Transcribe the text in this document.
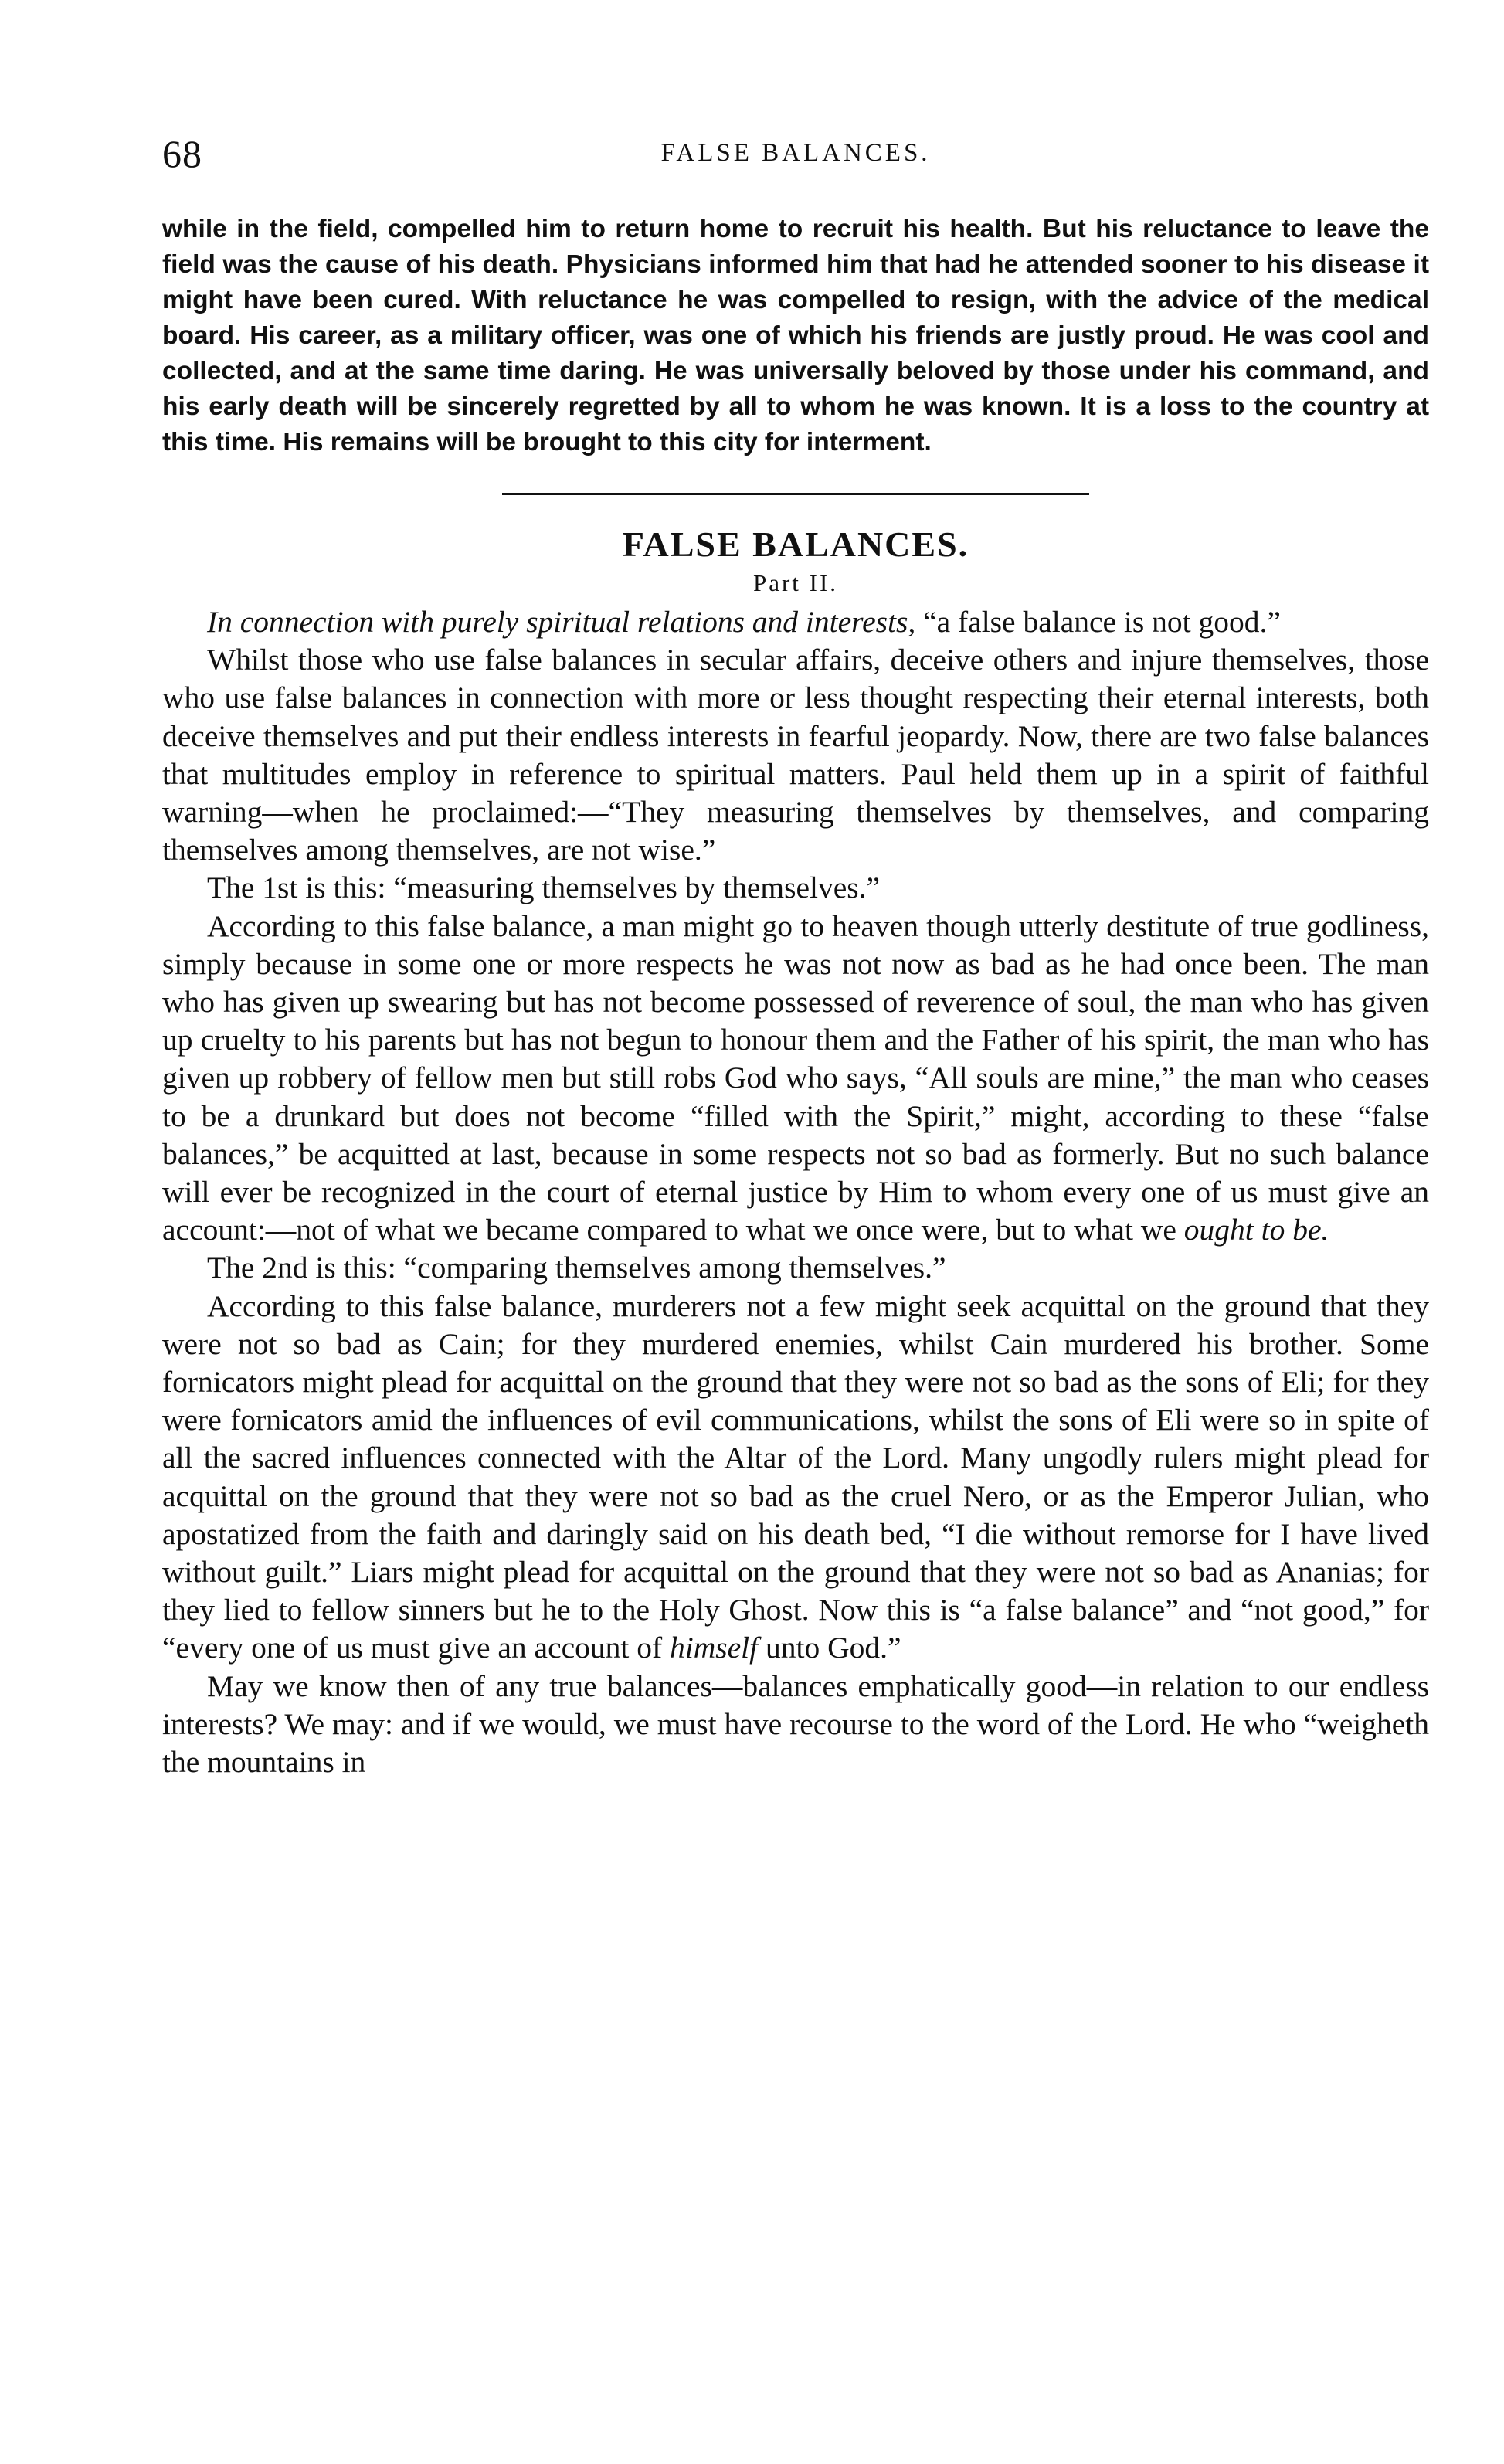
68	FALSE BALANCES.

while in the field, compelled him to return home to recruit his health. But his reluctance to leave the field was the cause of his death. Physicians informed him that had he attended sooner to his disease it might have been cured. With reluctance he was compelled to resign, with the advice of the medical board. His career, as a military officer, was one of which his friends are justly proud. He was cool and collected, and at the same time daring. He was universally beloved by those under his command, and his early death will be sincerely regretted by all to whom he was known. It is a loss to the country at this time. His remains will be brought to this city for interment.

FALSE BALANCES.
Part II.

In connection with purely spiritual relations and interests, “a false balance is not good.”

Whilst those who use false balances in secular affairs, deceive others and injure themselves, those who use false balances in connection with more or less thought respecting their eternal interests, both deceive themselves and put their endless interests in fearful jeopardy. Now, there are two false balances that multitudes employ in reference to spiritual matters. Paul held them up in a spirit of faithful warning—when he proclaimed:—“They measuring themselves by themselves, and comparing themselves among themselves, are not wise.”

The 1st is this: “measuring themselves by themselves.”

According to this false balance, a man might go to heaven though utterly destitute of true godliness, simply because in some one or more respects he was not now as bad as he had once been. The man who has given up swearing but has not become possessed of reverence of soul, the man who has given up cruelty to his parents but has not begun to honour them and the Father of his spirit, the man who has given up robbery of fellow men but still robs God who says, “All souls are mine,” the man who ceases to be a drunkard but does not become “filled with the Spirit,” might, according to these “false balances,” be acquitted at last, because in some respects not so bad as formerly. But no such balance will ever be recognized in the court of eternal justice by Him to whom every one of us must give an account:—not of what we became compared to what we once were, but to what we ought to be.

The 2nd is this: “comparing themselves among themselves.”

According to this false balance, murderers not a few might seek acquittal on the ground that they were not so bad as Cain; for they murdered enemies, whilst Cain murdered his brother. Some fornicators might plead for acquittal on the ground that they were not so bad as the sons of Eli; for they were fornicators amid the influences of evil communications, whilst the sons of Eli were so in spite of all the sacred influences connected with the Altar of the Lord. Many ungodly rulers might plead for acquittal on the ground that they were not so bad as the cruel Nero, or as the Emperor Julian, who apostatized from the faith and daringly said on his death bed, “I die without remorse for I have lived without guilt.” Liars might plead for acquittal on the ground that they were not so bad as Ananias; for they lied to fellow sinners but he to the Holy Ghost. Now this is “a false balance” and “not good,” for “every one of us must give an account of himself unto God.”

May we know then of any true balances—balances emphatically good—in relation to our endless interests? We may: and if we would, we must have recourse to the word of the Lord. He who “weigheth the mountains in
